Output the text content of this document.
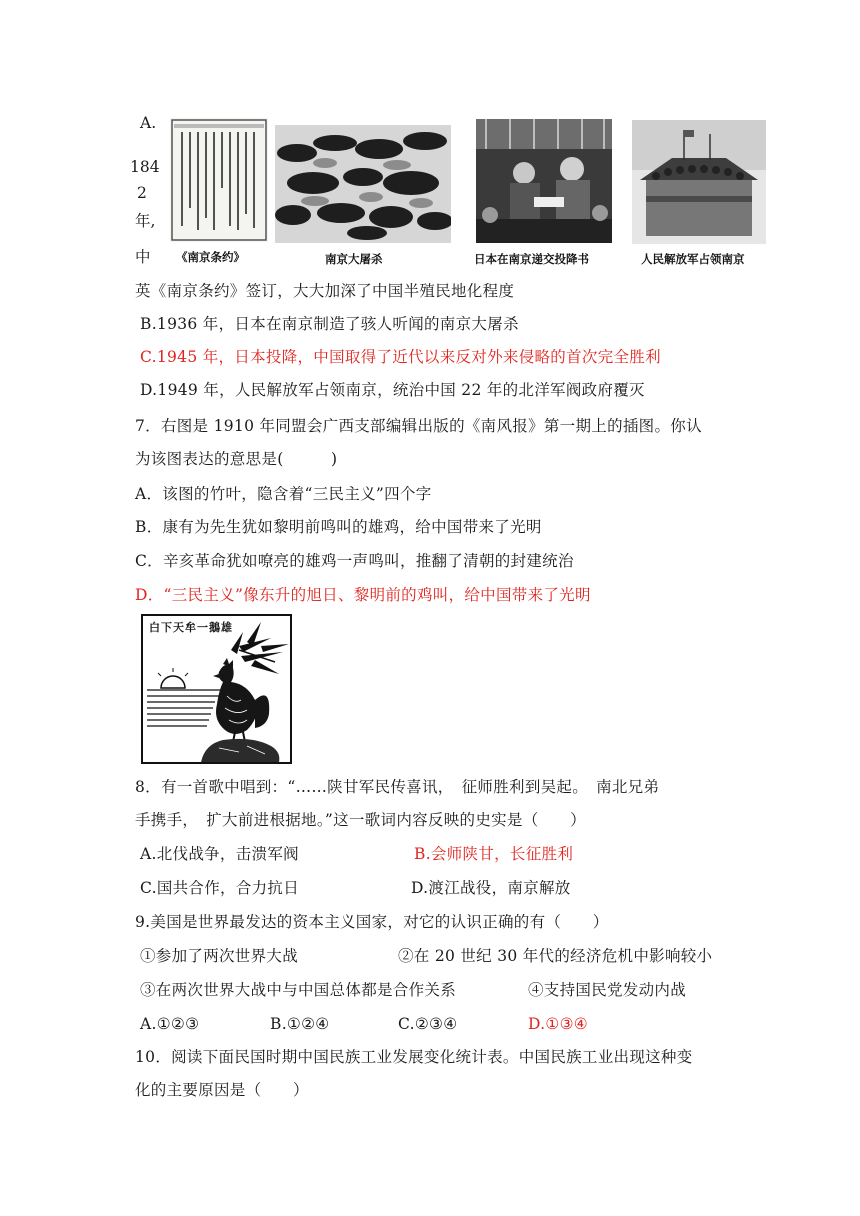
A.
184
2
年,
中 《南京条约》	南京大屠杀	日本在南京递交投降书	人民解放军占领南京
英《南京条约》签订，大大加深了中国半殖民地化程度
B.1936 年，日本在南京制造了骇人听闻的南京大屠杀
C.1945 年，日本投降，中国取得了近代以来反对外来侵略的首次完全胜利
D.1949 年，人民解放军占领南京，统治中国 22 年的北洋军阀政府覆灭
7．右图是 1910 年同盟会广西支部编辑出版的《南风报》第一期上的插图。你认
为该图表达的意思是(　　　)
A．该图的竹叶，隐含着“三民主义”四个字
B．康有为先生犹如黎明前鸣叫的雄鸡，给中国带来了光明
C．辛亥革命犹如嘹亮的雄鸡一声鸣叫，推翻了清朝的封建统治
D．“三民主义”像东升的旭日、黎明前的鸡叫，给中国带来了光明
白下天牟一鵝雄
8．有一首歌中唱到：“……陕甘军民传喜讯，　征师胜利到吴起。　南北兄弟
手携手，　扩大前进根据地。”这一歌词内容反映的史实是（　　）
A.北伐战争，击溃军阀	B.会师陕甘，长征胜利
C.国共合作，合力抗日	D.渡江战役，南京解放
9.美国是世界最发达的资本主义国家，对它的认识正确的有（　　）
①参加了两次世界大战	②在 20 世纪 30 年代的经济危机中影响较小
③在两次世界大战中与中国总体都是合作关系	④支持国民党发动内战
A.①②③	B.①②④	C.②③④	D.①③④
10．阅读下面民国时期中国民族工业发展变化统计表。中国民族工业出现这种变
化的主要原因是（　　）
